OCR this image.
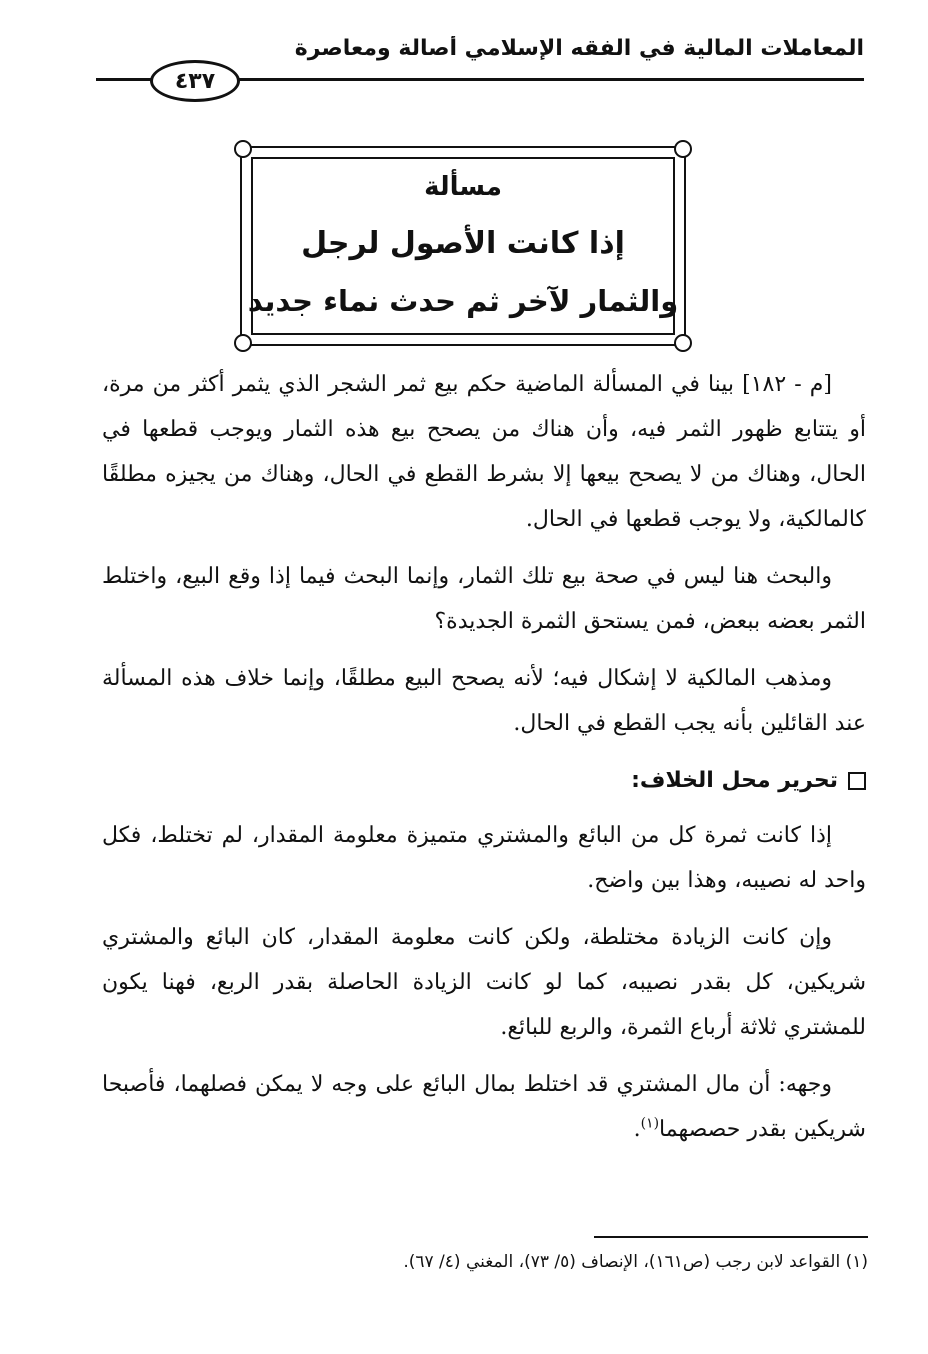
المعاملات المالية في الفقه الإسلامي أصالة ومعاصرة
٤٣٧
مسألة
إذا كانت الأصول لرجل
والثمار لآخر ثم حدث نماء جديد

[م - ١٨٢] بينا في المسألة الماضية حكم بيع ثمر الشجر الذي يثمر أكثر من مرة، أو يتتابع ظهور الثمر فيه، وأن هناك من يصحح بيع هذه الثمار ويوجب قطعها في الحال، وهناك من لا يصحح بيعها إلا بشرط القطع في الحال، وهناك من يجيزه مطلقًا كالمالكية، ولا يوجب قطعها في الحال.

والبحث هنا ليس في صحة بيع تلك الثمار، وإنما البحث فيما إذا وقع البيع، واختلط الثمر بعضه ببعض، فمن يستحق الثمرة الجديدة؟

ومذهب المالكية لا إشكال فيه؛ لأنه يصحح البيع مطلقًا، وإنما خلاف هذه المسألة عند القائلين بأنه يجب القطع في الحال.

تحرير محل الخلاف:

إذا كانت ثمرة كل من البائع والمشتري متميزة معلومة المقدار، لم تختلط، فكل واحد له نصيبه، وهذا بين واضح.

وإن كانت الزيادة مختلطة، ولكن كانت معلومة المقدار، كان البائع والمشتري شريكين، كل بقدر نصيبه، كما لو كانت الزيادة الحاصلة بقدر الربع، فهنا يكون للمشتري ثلاثة أرباع الثمرة، والربع للبائع.

وجهه: أن مال المشتري قد اختلط بمال البائع على وجه لا يمكن فصلهما، فأصبحا شريكين بقدر حصصهما$^{(١)}$.

(١) القواعد لابن رجب (ص١٦١)، الإنصاف (٥/ ٧٣)، المغني (٤/ ٦٧).
